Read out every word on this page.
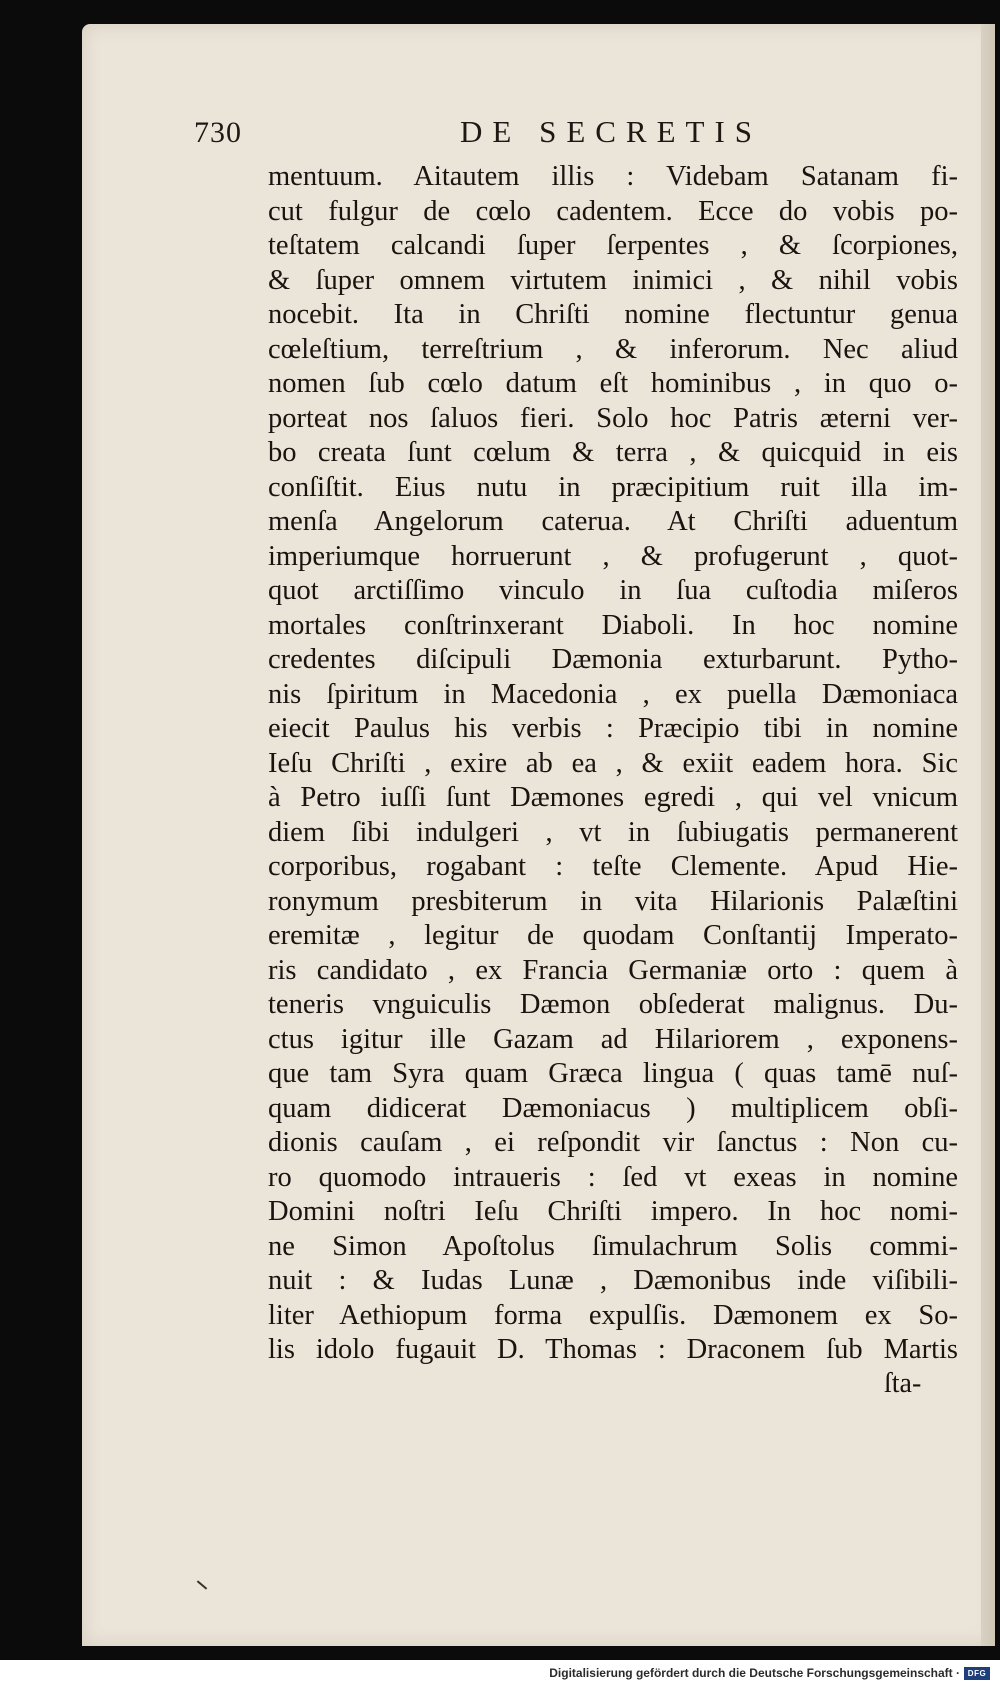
730	DE SECRETIS
mentuum. Aitautem illis : Videbam Satanam fi-
cut fulgur de cœlo cadentem. Ecce do vobis po-
teſtatem calcandi ſuper ſerpentes , & ſcorpiones,
& ſuper omnem virtutem inimici , & nihil vobis
nocebit. Ita in Chriſti nomine flectuntur genua
cœleſtium, terreſtrium , & inferorum. Nec aliud
nomen ſub cœlo datum eſt hominibus , in quo o-
porteat nos ſaluos fieri. Solo hoc Patris æterni ver-
bo creata ſunt cœlum & terra , & quicquid in eis
conſiſtit. Eius nutu in præcipitium ruit illa im-
menſa Angelorum caterua. At Chriſti aduentum
imperiumque horruerunt , & profugerunt , quot-
quot arctiſſimo vinculo in ſua cuſtodia miſeros
mortales conſtrinxerant Diaboli. In hoc nomine
credentes diſcipuli Dæmonia exturbarunt. Pytho-
nis ſpiritum in Macedonia , ex puella Dæmoniaca
eiecit Paulus his verbis : Præcipio tibi in nomine
Ieſu Chriſti , exire ab ea , & exiit eadem hora. Sic
à Petro iuſſi ſunt Dæmones egredi , qui vel vnicum
diem ſibi indulgeri , vt in ſubiugatis permanerent
corporibus, rogabant : teſte Clemente. Apud Hie-
ronymum presbiterum in vita Hilarionis Palæſtini
eremitæ , legitur de quodam Conſtantij Imperato-
ris candidato , ex Francia Germaniæ orto : quem à
teneris vnguiculis Dæmon obſederat malignus. Du-
ctus igitur ille Gazam ad Hilariorem , exponens-
que tam Syra quam Græca lingua ( quas tamē nuſ-
quam didicerat Dæmoniacus ) multiplicem obſi-
dionis cauſam , ei reſpondit vir ſanctus : Non cu-
ro quomodo intraueris : ſed vt exeas in nomine
Domini noſtri Ieſu Chriſti impero. In hoc nomi-
ne Simon Apoſtolus ſimulachrum Solis commi-
nuit : & Iudas Lunæ , Dæmonibus inde viſibili-
liter Aethiopum forma expulſis. Dæmonem ex So-
lis idolo fugauit D. Thomas : Draconem ſub Martis
ſta-
Digitalisierung gefördert durch die Deutsche Forschungsgemeinschaft · DFG
